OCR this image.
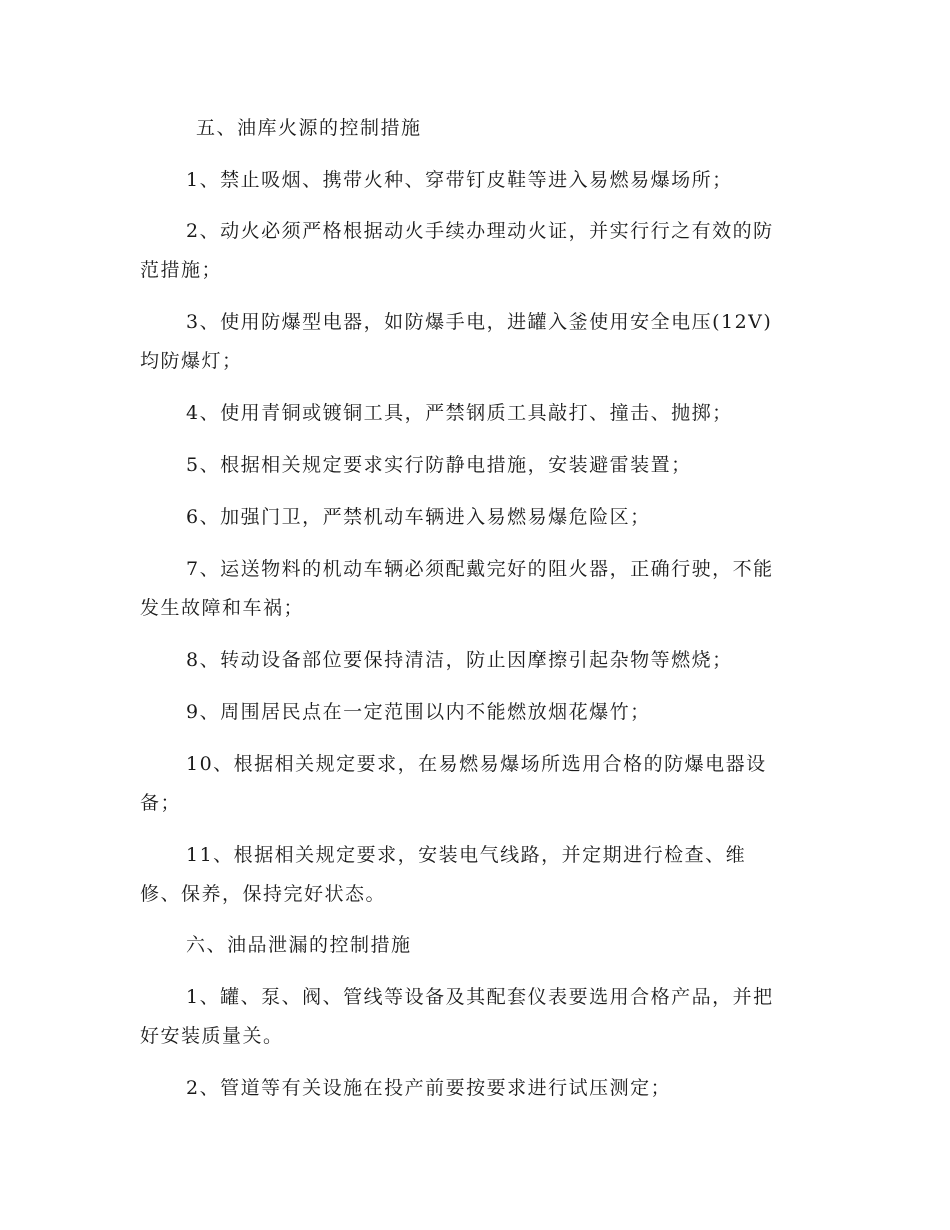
五、油库火源的控制措施
1、禁止吸烟、携带火种、穿带钉皮鞋等进入易燃易爆场所；
2、动火必须严格根据动火手续办理动火证，并实行行之有效的防
范措施；
3、使用防爆型电器，如防爆手电，进罐入釜使用安全电压(12V)
均防爆灯；
4、使用青铜或镀铜工具，严禁钢质工具敲打、撞击、抛掷；
5、根据相关规定要求实行防静电措施，安装避雷装置；
6、加强门卫，严禁机动车辆进入易燃易爆危险区；
7、运送物料的机动车辆必须配戴完好的阻火器，正确行驶，不能
发生故障和车祸；
8、转动设备部位要保持清洁，防止因摩擦引起杂物等燃烧；
9、周围居民点在一定范围以内不能燃放烟花爆竹；
10、根据相关规定要求，在易燃易爆场所选用合格的防爆电器设
备；
11、根据相关规定要求，安装电气线路，并定期进行检查、维
修、保养，保持完好状态。
六、油品泄漏的控制措施
1、罐、泵、阀、管线等设备及其配套仪表要选用合格产品，并把
好安装质量关。
2、管道等有关设施在投产前要按要求进行试压测定；
